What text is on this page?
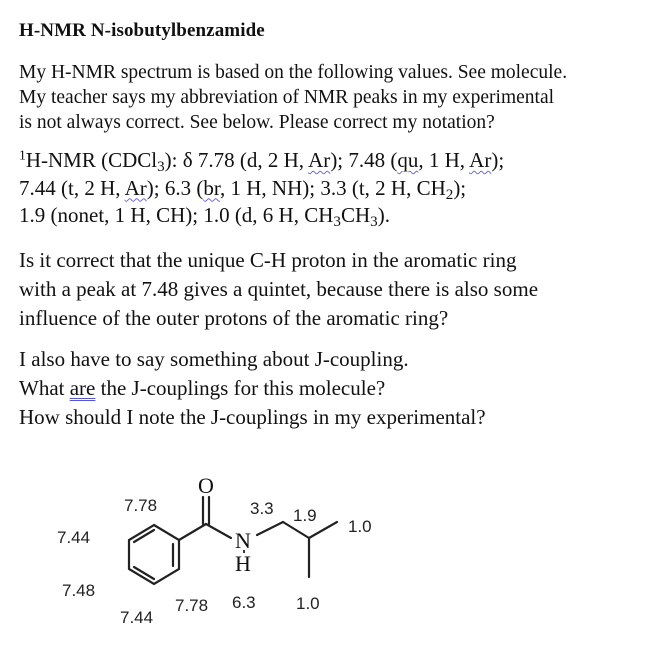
H-NMR N-isobutylbenzamide
My H-NMR spectrum is based on the following values. See molecule.
My teacher says my abbreviation of NMR peaks in my experimental
is not always correct. See below. Please correct my notation?
$^1$H-NMR (CDCl$_3$): δ 7.78 (d, 2 H, Ar); 7.48 (qu, 1 H, Ar);
7.44 (t, 2 H, Ar); 6.3 (br, 1 H, NH); 3.3 (t, 2 H, $CH_2$);
1.9 (nonet, 1 H, CH); 1.0 (d, 6 H, $CH_3CH_3$).
Is it correct that the unique C-H proton in the aromatic ring
with a peak at 7.48 gives a quintet, because there is also some
influence of the outer protons of the aromatic ring?
I also have to say something about J-coupling.
What are the J-couplings for this molecule?
How should I note the J-couplings in my experimental?
O
N
H
7.78
7.44
7.48
7.44
7.78 6.3
3.3 1.9
1.0
1.0
